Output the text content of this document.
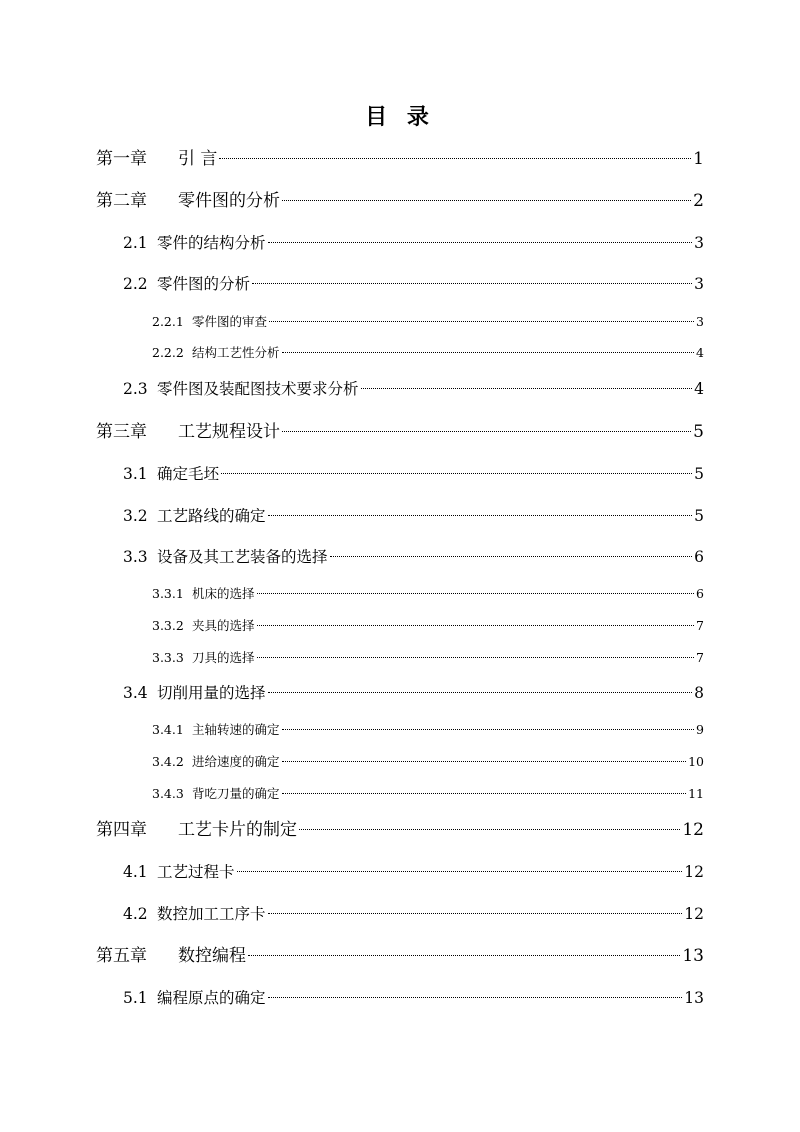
目 录
第一章	引 言	1
第二章	零件图的分析	2
2.1 零件的结构分析	3
2.2 零件图的分析	3
2.2.1 零件图的审查	3
2.2.2 结构工艺性分析	4
2.3 零件图及装配图技术要求分析	4
第三章	工艺规程设计	5
3.1 确定毛坯	5
3.2 工艺路线的确定	5
3.3 设备及其工艺装备的选择	6
3.3.1 机床的选择	6
3.3.2 夹具的选择	7
3.3.3 刀具的选择	7
3.4 切削用量的选择	8
3.4.1 主轴转速的确定	9
3.4.2 进给速度的确定	10
3.4.3 背吃刀量的确定	11
第四章	工艺卡片的制定	12
4.1 工艺过程卡	12
4.2 数控加工工序卡	12
第五章	数控编程	13
5.1 编程原点的确定	13
